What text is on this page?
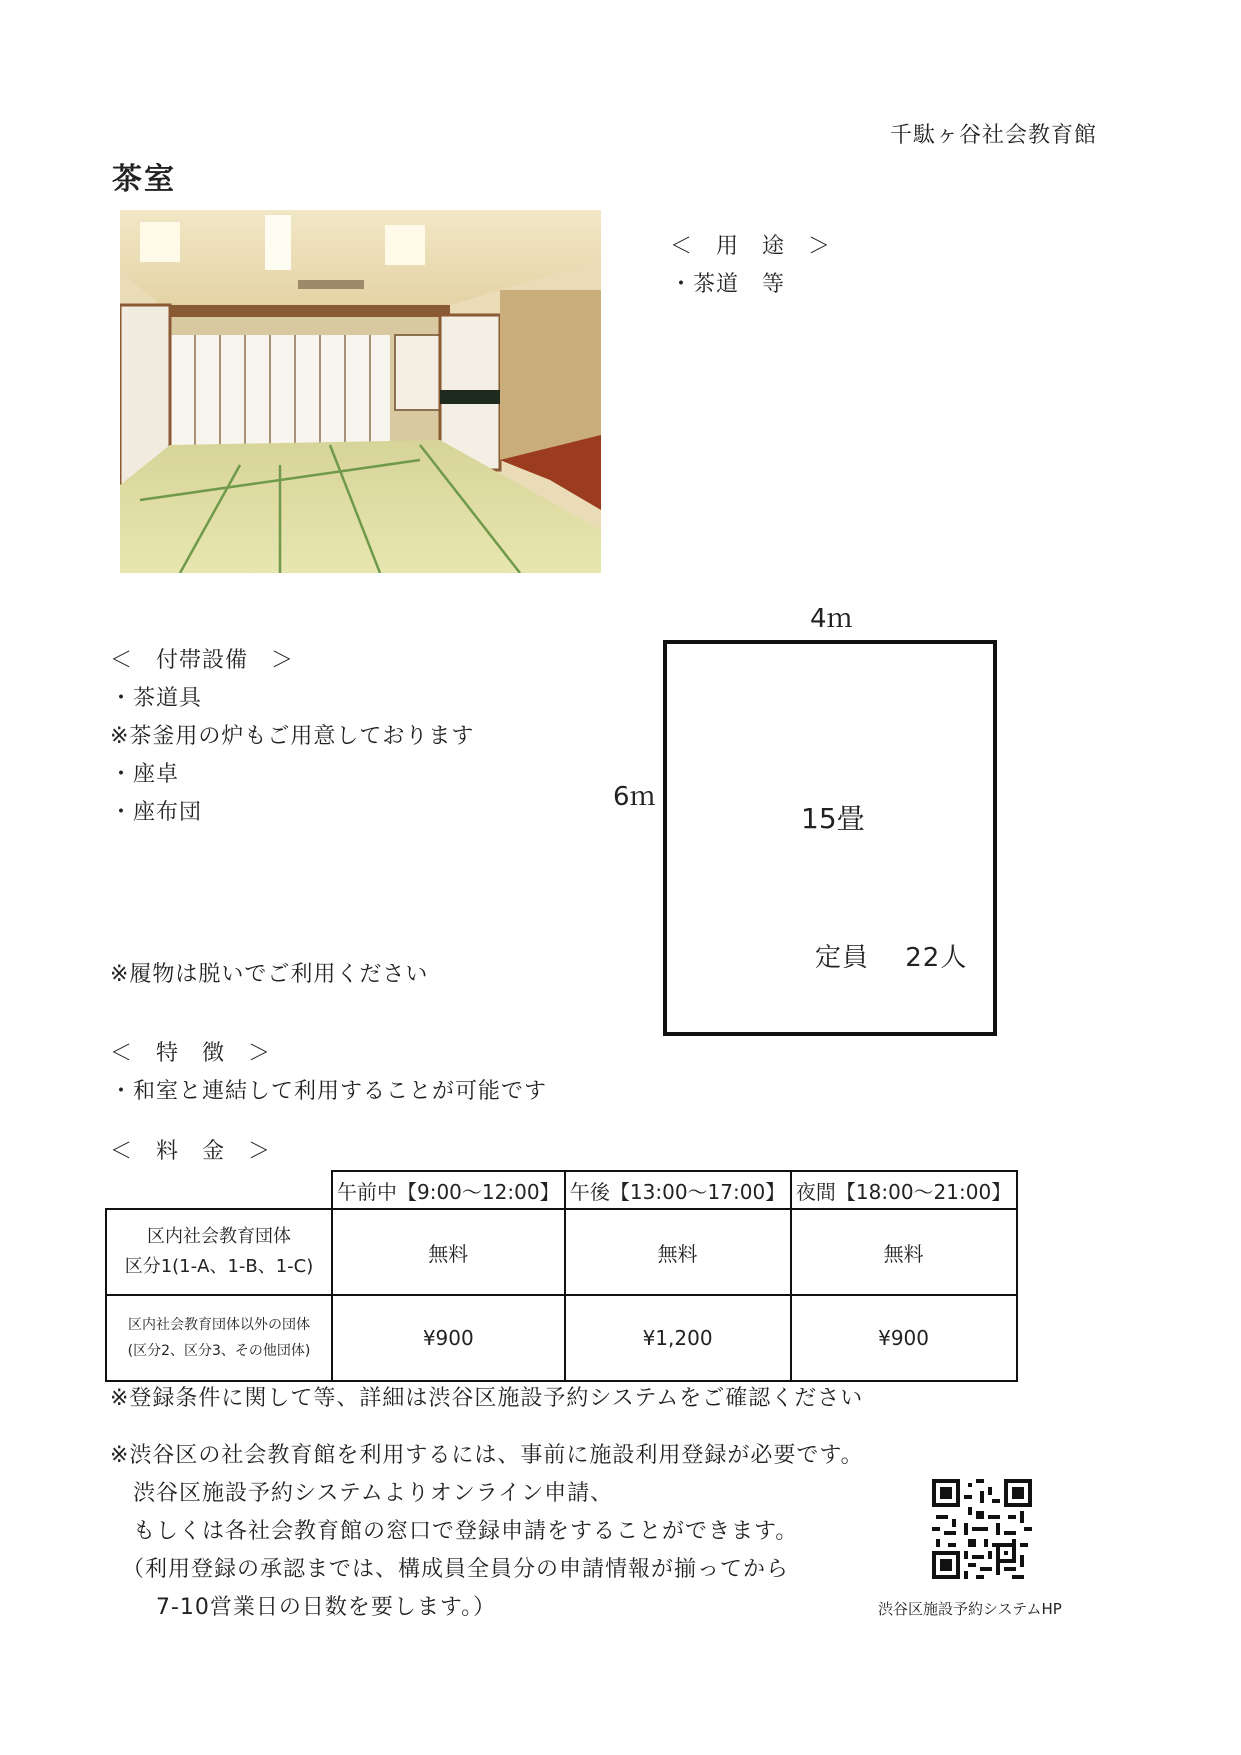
千駄ヶ谷社会教育館
茶室
＜　用　途　＞
・茶道　等
＜　付帯設備　＞
・茶道具
※茶釜用の炉もご用意しております
・座卓
・座布団
※履物は脱いでご利用ください
＜　特　徴　＞
・和室と連結して利用することが可能です
4ｍ
6ｍ
15畳
定員　 22人
＜　料　金　＞
	午前中【9:00～12:00】	午後【13:00～17:00】	夜間【18:00～21:00】

区内社会教育団体
区分1(1-A、1-B、1-C)	無料	無料	無料

区内社会教育団体以外の団体
(区分2、区分3、その他団体)	¥900	¥1,200	¥900
※登録条件に関して等、詳細は渋谷区施設予約システムをご確認ください
※渋谷区の社会教育館を利用するには、事前に施設利用登録が必要です。
　渋谷区施設予約システムよりオンライン申請、
　もしくは各社会教育館の窓口で登録申請をすることができます。
　（利用登録の承認までは、構成員全員分の申請情報が揃ってから
　　7-10営業日の日数を要します。）	渋谷区施設予約システムHP
